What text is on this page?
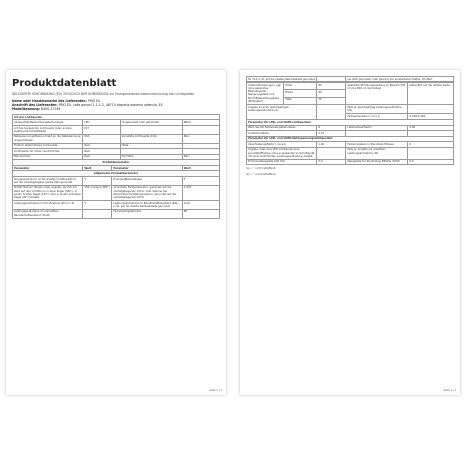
Produktdatenblatt
DELEGIERTE VERORDNUNG (EU) 2019/2015 DER KOMMISSION zur Energieverbrauchskennzeichnung von Lichtquellen
Name oder Handelsmarke des Lieferanten: PRIG EU
Anschrift des Lieferanten: PRIG EU, calle genoví 1-1-1-2, 46710 alquería alquería valencia, ES
Modellkennung: B40G-17249
Art der Lichtquelle:			
Verwendete Beleuchtungstechnologie	LED	Ungebündelt oder gebündelt	NDLS
Art des Sockels der Lichtquelle (oder andere elektrische Schnittstelle)	E27		
Netzspannungs(Mains) direkt an die Netzspannung angeschlossen	MLS	Vernetzte Lichtquelle (CLS)	Nein
Farblich abstimmbare Lichtquelle:	Nein	Hülle:	-
Lichtquelle mit hoher Leuchtdichte:	Nein		
Blendschutz:	Nein	Dimmbar:	Nein
Produktparameter			
Parameter	Wert	Parameter	Wert
Allgemeine Produktparameter			
Energieverbrauch im Ein-Zustand (kWh/1000 h), auf die nächstgelegene ganze Zahl gerundet	5	Energieeffizienzklasse	F
Nutzlichtstrom (Φuse) unter Angabe, ob sich der Wert auf den Lichtstrom in einer Kugel (360°), in einem breiten Kegel (120°) oder in einem schmalen Kegel (90°) bezieht	595 in Kugel (360°)	Ähnlichste Farbtemperatur, gerundet auf die nächstgelegenen 100 K, oder Spanne der ähnlichsten Farbtemperaturen, gerundet auf die nächstgelegenen 100 K	2 970
Leistungsaufnahme im Ein-Zustand (Pon) in W	5	Leistungsaufnahme im Bereitschaftszustand (Psb) in W, auf die zweite Dezimalstelle gerundet	0,00
Leistungsaufnahme im vernetzten Bereitschaftszustand (Pnet)	-	Farbwiedergabeindex	80
Seite 1 / 2
für CLS in W, auf die zweite Dezimalstelle gerundet		zw. Zahl gerundet, oder Spanne der einstellbaren Werte. Oh Wert
Außenabmessungen, ggf. ohne separates Betriebsgerät, Steuerungsteile und Nicht-Beleuchtungsteile (Millimeter)	Höhe	80	Spektrale Strahlungsleistung im Bereich 250 nm bis 800 nm bei Vollast	Siehe Bild auf der letzten Seite
	Breite	80		
	Tiefe	75		
Angabe zu einer gleichwertigen Leistungsaufnahme (a)	-	Falls ja, gleichwertige Leistungsaufnahme (W)	-
		Farbwertanteile (x und y)	0,438 0,404
Parameter für LED- und OLED-Lichtquellen:			
Wert des R9-Farbwiedergabeindexes	8	Lebensdauerfaktor	0,90
Lichtstromfaktor	0,97		
Parameter für LED- und OLED-Netzspannungslichtquellen:			
Verschiebungsfaktor (cos φ1)	1,00	Farbkonsistenz in MacAdam-Ellipsen	6
Angabe, dass eine LED-Lichtquelle eine Leuchtstofflampe ohne eingebautes Vorschaltgerät mit einer bestimmten Leistungsaufnahme ersetzt.	-	Falls ja, Angabe zur ersetzten Leistungsaufnahme (W)	-
Flimmer-Messgröße (Pst LM)	0,0	Messgröße für Stroboskop-Effekte (SVM)	0,0
(a) „-“: nicht zutreffend;
(b) „-“: nicht zutreffend;
Seite 2 / 2
